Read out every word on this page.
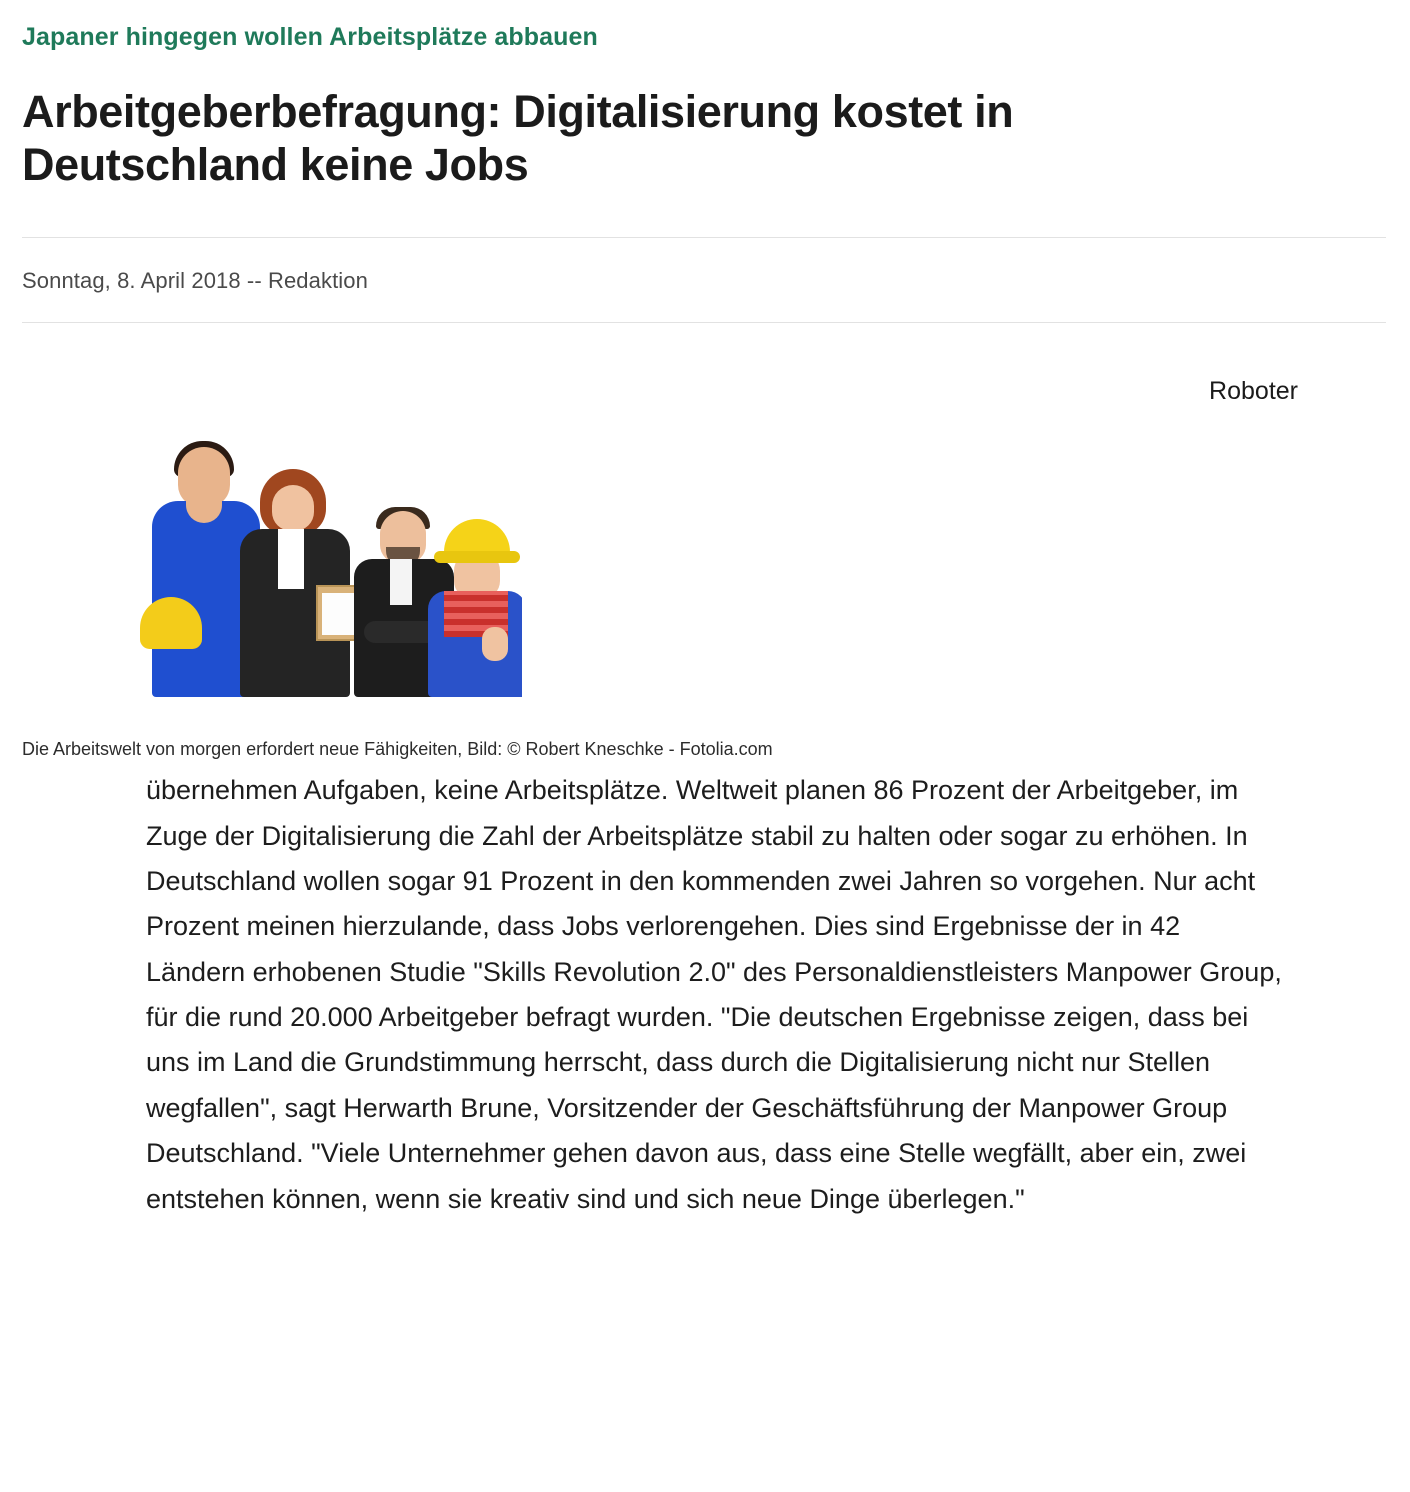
Japaner hingegen wollen Arbeitsplätze abbauen
Arbeitgeberbefragung: Digitalisierung kostet in Deutschland keine Jobs
Sonntag, 8. April 2018 -- Redaktion
Roboter
Die Arbeitswelt von morgen erfordert neue Fähigkeiten, Bild: © Robert Kneschke - Fotolia.com

übernehmen Aufgaben, keine Arbeitsplätze. Weltweit planen 86 Prozent der Arbeitgeber, im Zuge der Digitalisierung die Zahl der Arbeitsplätze stabil zu halten oder sogar zu erhöhen. In Deutschland wollen sogar 91 Prozent in den kommenden zwei Jahren so vorgehen. Nur acht Prozent meinen hierzulande, dass Jobs verlorengehen. Dies sind Ergebnisse der in 42 Ländern erhobenen Studie "Skills Revolution 2.0" des Personaldienstleisters Manpower Group, für die rund 20.000 Arbeitgeber befragt wurden. "Die deutschen Ergebnisse zeigen, dass bei uns im Land die Grundstimmung herrscht, dass durch die Digitalisierung nicht nur Stellen wegfallen", sagt Herwarth Brune, Vorsitzender der Geschäftsführung der Manpower Group Deutschland. "Viele Unternehmer gehen davon aus, dass eine Stelle wegfällt, aber ein, zwei entstehen können, wenn sie kreativ sind und sich neue Dinge überlegen."
